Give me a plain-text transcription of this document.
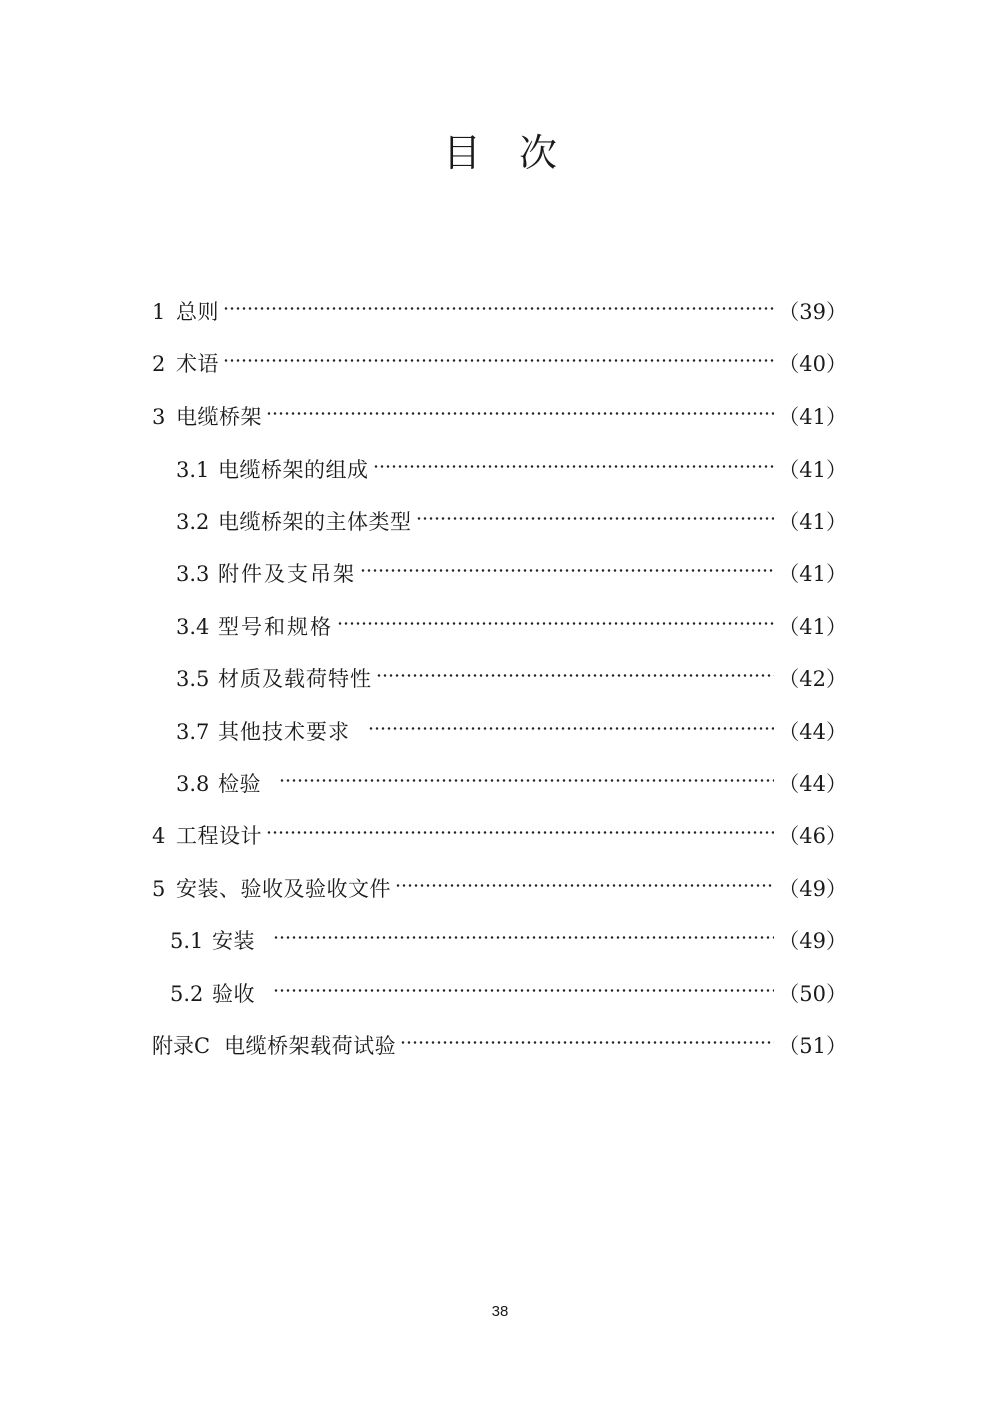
目　次
1 总则	（39）
2 术语	（40）
3 电缆桥架	（41）
3.1 电缆桥架的组成	（41）
3.2 电缆桥架的主体类型	（41）
3.3 附件及支吊架	（41）
3.4 型号和规格	（41）
3.5 材质及载荷特性	（42）
3.7 其他技术要求	（44）
3.8 检验	（44）
4 工程设计	（46）
5 安装、验收及验收文件	（49）
5.1 安装	（49）
5.2 验收	（50）
附录C 电缆桥架载荷试验	（51）
38
